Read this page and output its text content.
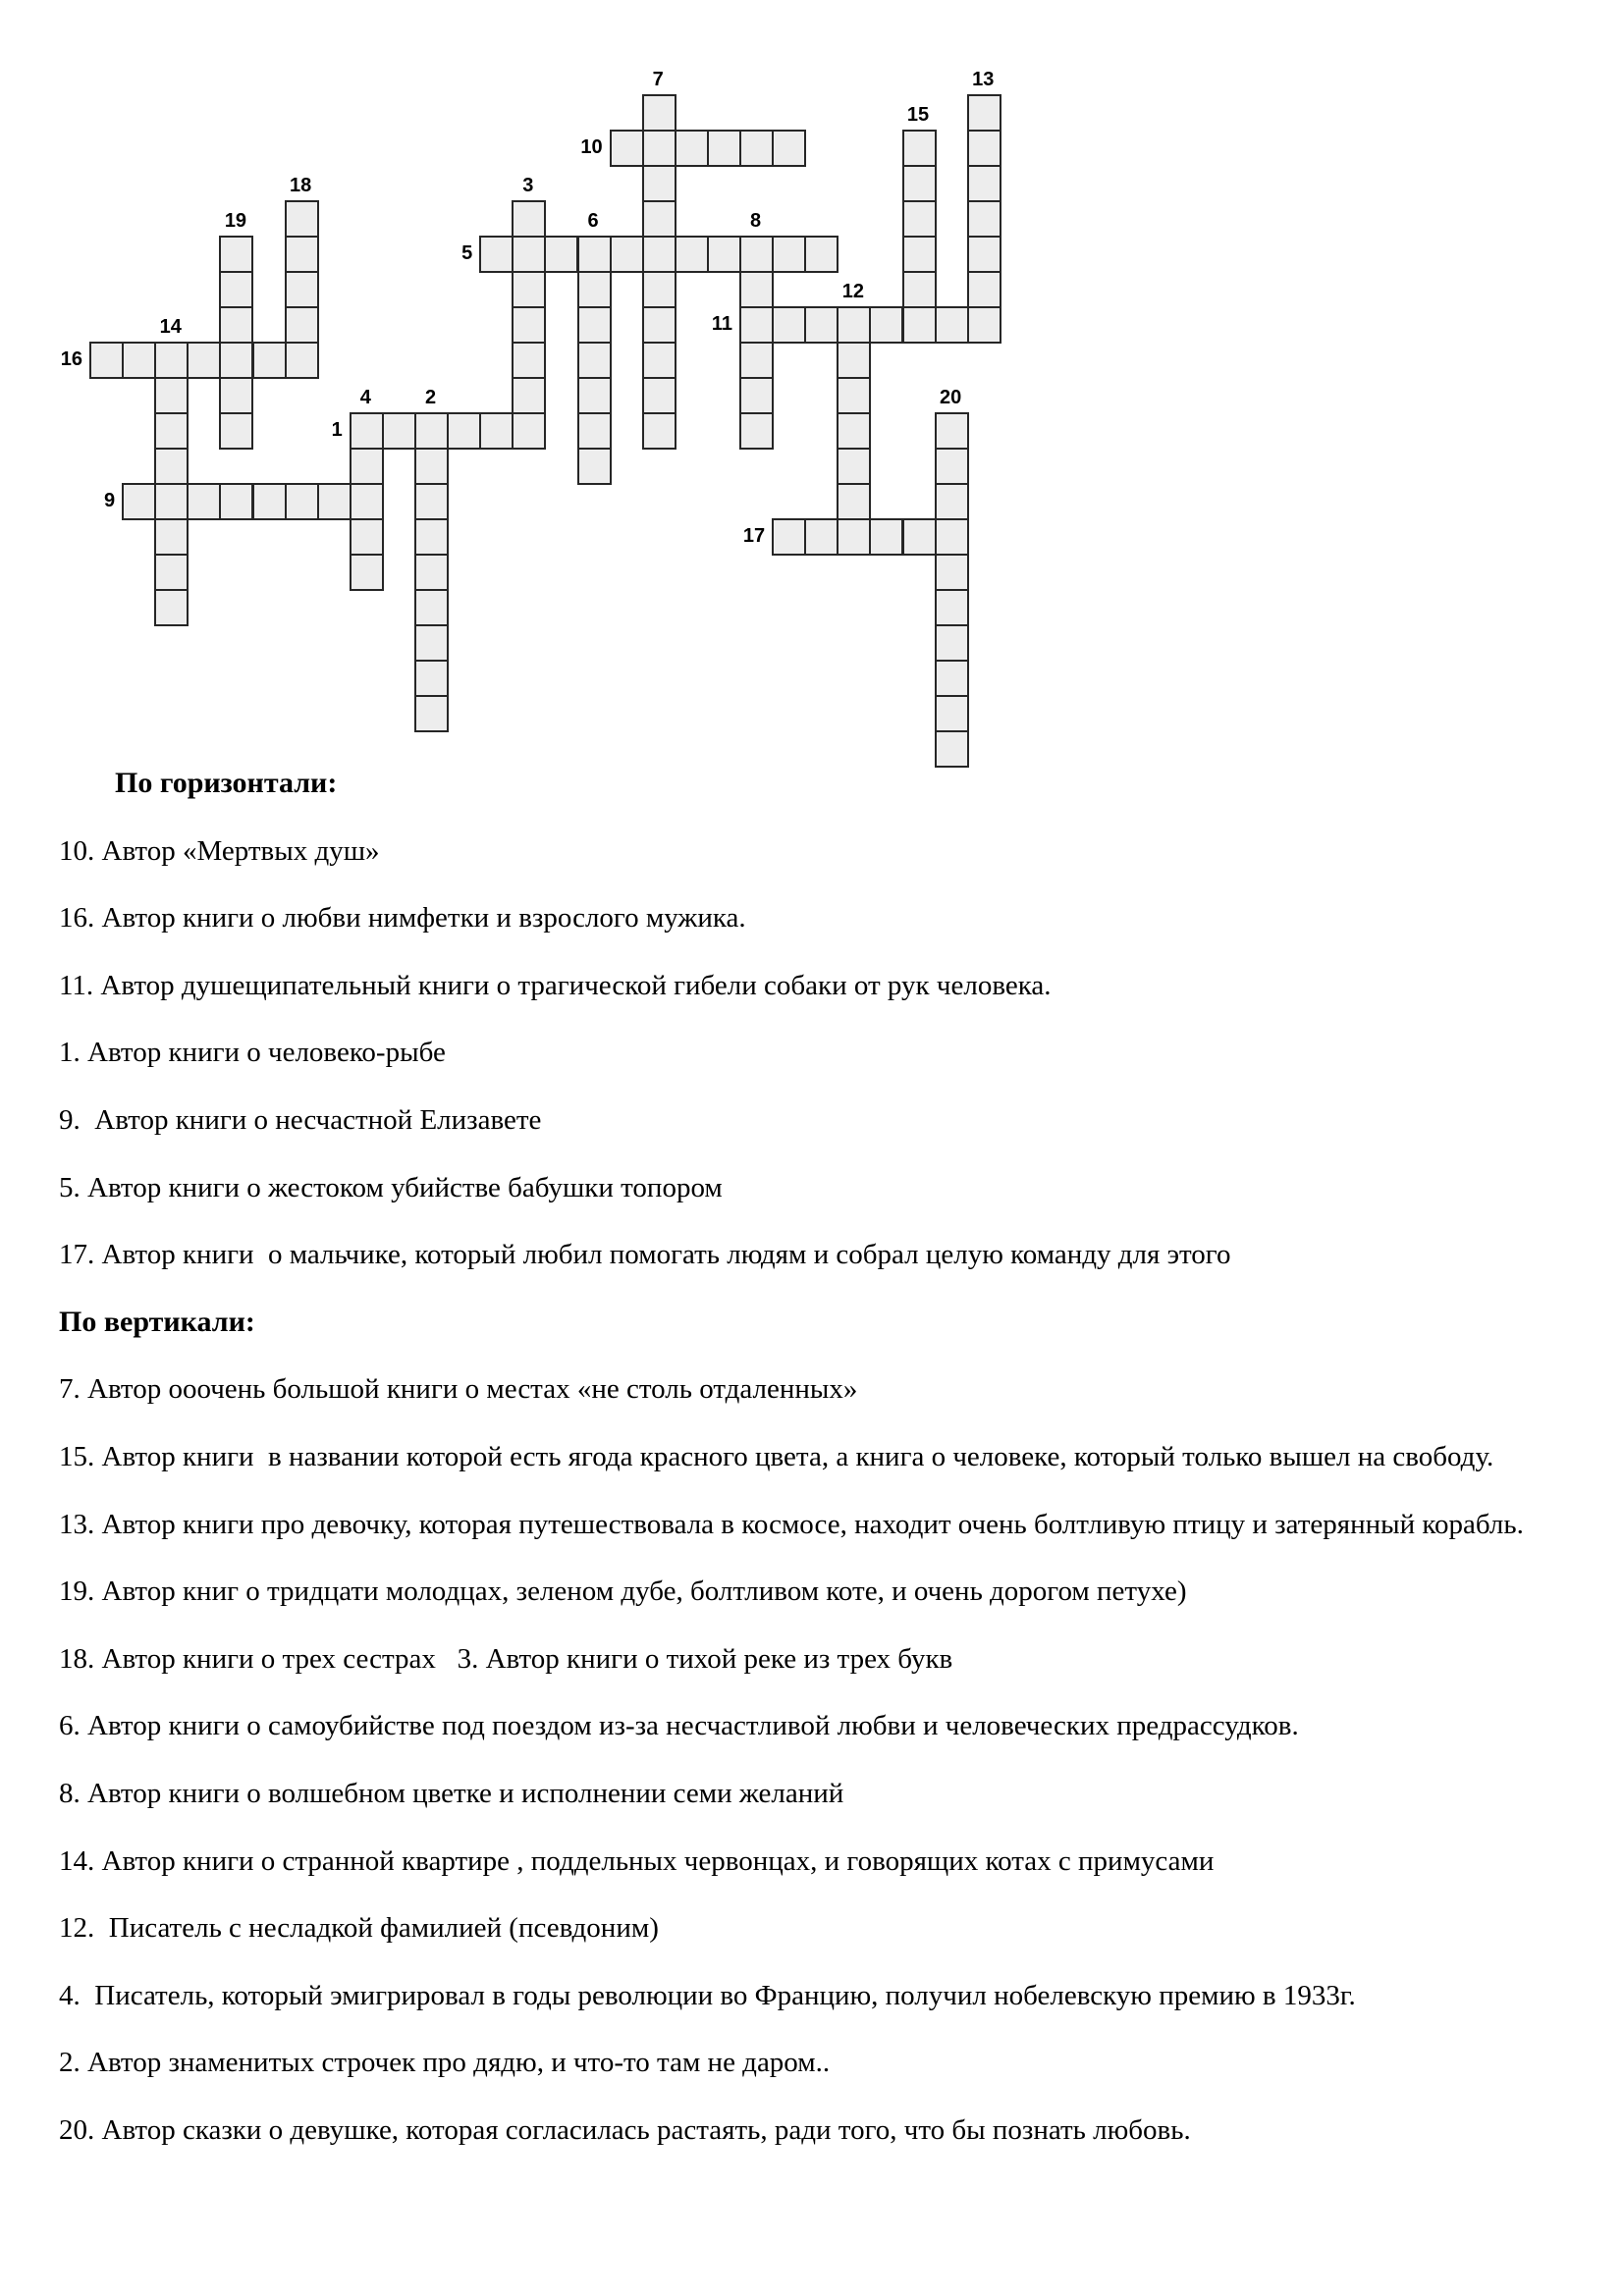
7	13
10
15
18	3
19
5
6	8
11
12
16
14
1
4	2	20
9
17

По горизонтали:

10. Автор «Мертвых душ»

16. Автор книги о любви нимфетки и взрослого мужика.

11. Автор душещипательный книги о трагической гибели собаки от рук человека.

1. Автор книги о человеко-рыбе

9.  Автор книги о несчастной Елизавете

5. Автор книги о жестоком убийстве бабушки топором

17. Автор книги  о мальчике, который любил помогать людям и собрал целую команду для этого

По вертикали:

7. Автор ооочень большой книги о местах «не столь отдаленных»

15. Автор книги  в названии которой есть ягода красного цвета, а книга о человеке, который только вышел на свободу.

13. Автор книги про девочку, которая путешествовала в космосе, находит очень болтливую птицу и затерянный корабль.

19. Автор книг о тридцати молодцах, зеленом дубе, болтливом коте, и очень дорогом петухе)

18. Автор книги о трех сестрах   3. Автор книги о тихой реке из трех букв

6. Автор книги о самоубийстве под поездом из-за несчастливой любви и человеческих предрассудков.

8. Автор книги о волшебном цветке и исполнении семи желаний

14. Автор книги о странной квартире , поддельных червонцах, и говорящих котах с примусами

12.  Писатель с несладкой фамилией (псевдоним)

4.  Писатель, который эмигрировал в годы революции во Францию, получил нобелевскую премию в 1933г.

2. Автор знаменитых строчек про дядю, и что-то там не даром..

20. Автор сказки о девушке, которая согласилась растаять, ради того, что бы познать любовь.
